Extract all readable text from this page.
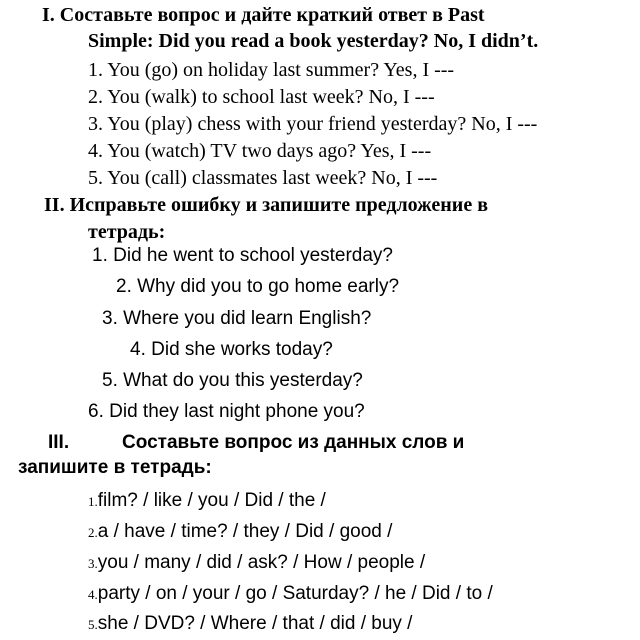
I. Составьте вопрос и дайте краткий ответ в Past
Simple: Did you read a book yesterday? No, I didn’t.
1. You (go) on holiday last summer? Yes, I ---
2. You (walk) to school last week? No, I ---
3. You (play) chess with your friend yesterday? No, I ---
4. You (watch) TV two days ago? Yes, I ---
5. You (call) classmates last week? No, I ---
II. Исправьте ошибку и запишите предложение в
тетрадь:
1. Did he went to school yesterday?
2. Why did you to go home early?
3. Where you did learn English?
4. Did she works today?
5. What do you this yesterday?
6. Did they last night phone you?
III.	Составьте вопрос из данных слов и
запишите в тетрадь:
1.film? / like / you / Did / the /
2.a / have / time? / they / Did / good /
3.you / many / did / ask? / How / people /
4.party / on / your / go / Saturday? / he / Did / to /
5.she / DVD? / Where / that / did / buy /
